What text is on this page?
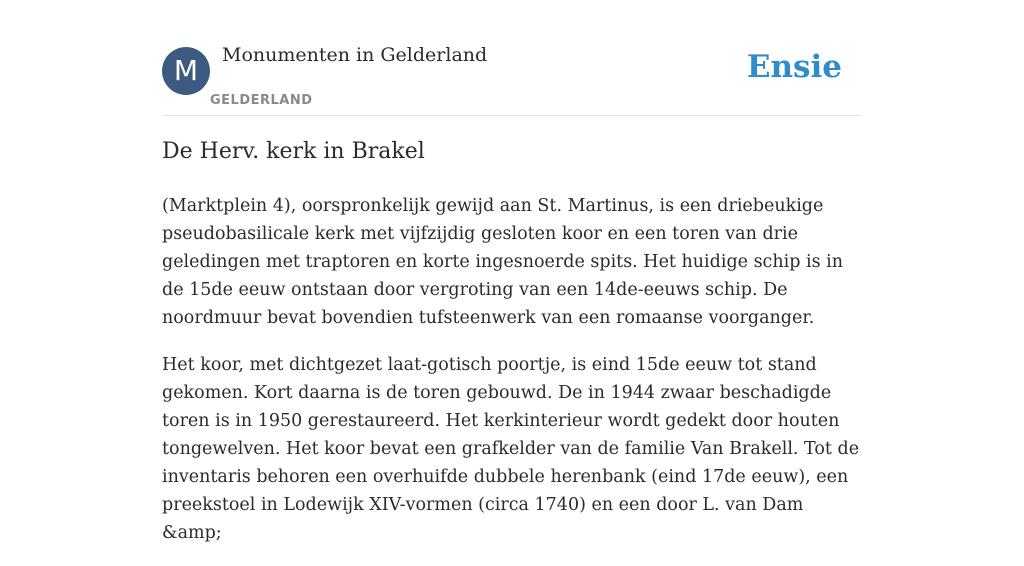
M	Monumenten in Gelderland
GELDERLAND
Ensie
De Herv. kerk in Brakel

(Marktplein 4), oorspronkelijk gewijd aan St. Martinus, is een driebeukige pseudobasilicale kerk met vijfzijdig gesloten koor en een toren van drie geledingen met traptoren en korte ingesnoerde spits. Het huidige schip is in de 15de eeuw ontstaan door vergroting van een 14de-eeuws schip. De noordmuur bevat bovendien tufsteenwerk van een romaanse voorganger.

Het koor, met dichtgezet laat-gotisch poortje, is eind 15de eeuw tot stand gekomen. Kort daarna is de toren gebouwd. De in 1944 zwaar beschadigde toren is in 1950 gerestaureerd. Het kerkinterieur wordt gedekt door houten tongewelven. Het koor bevat een grafkelder van de familie Van Brakell. Tot de inventaris behoren een overhuifde dubbele herenbank (eind 17de eeuw), een preekstoel in Lodewijk XIV-vormen (circa 1740) en een door L. van Dam &amp;
